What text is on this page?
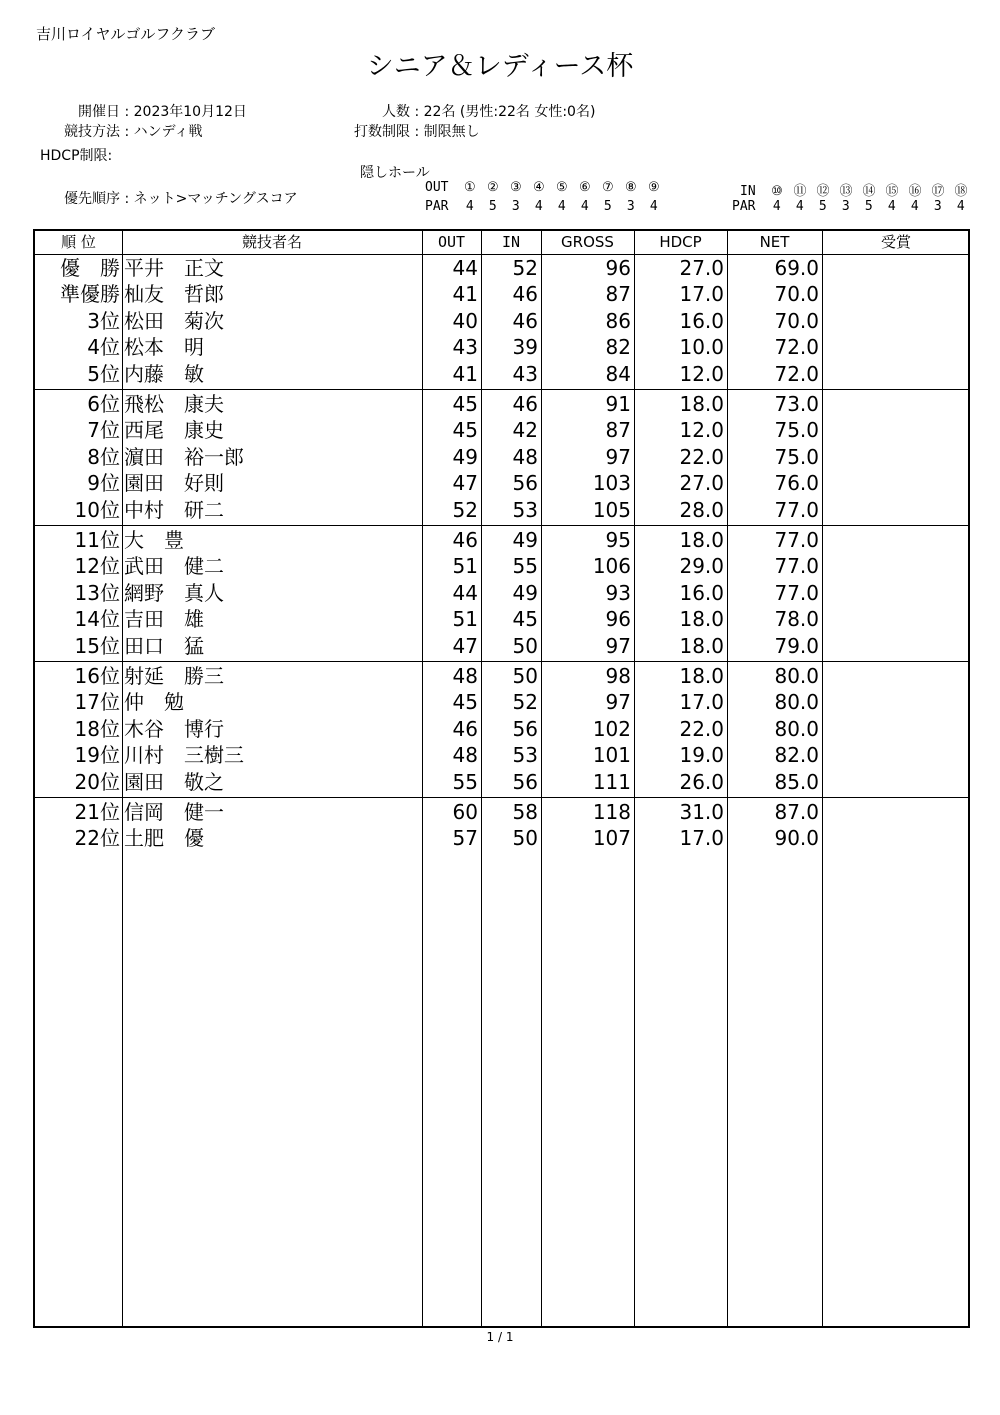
吉川ロイヤルゴルフクラブ
シニア＆レディース杯
開催日 : 2023年10月12日
競技方法 : ハンディ戦
HDCP制限:
優先順序 : ネット>マッチングスコア
人数 : 22名 (男性:22名 女性:0名)
打数制限 : 制限無し
隠しホール
OUT ① ② ③ ④ ⑤ ⑥ ⑦ ⑧ ⑨
PAR 4 5 3 4 4 4 5 3 4
IN ⑩ ⑪ ⑫ ⑬ ⑭ ⑮ ⑯ ⑰ ⑱
PAR 4 4 5 3 5 4 4 3 4
順 位	競技者名	OUT	IN	GROSS	HDCP	NET	受賞
優　勝 平井　正文	44	52	96	27.0	69.0
準優勝 杣友　哲郎	41	46	87	17.0	70.0
3位 松田　菊次	40	46	86	16.0	70.0
4位 松本　明	43	39	82	10.0	72.0
5位 内藤　敏	41	43	84	12.0	72.0
6位 飛松　康夫	45	46	91	18.0	73.0
7位 西尾　康史	45	42	87	12.0	75.0
8位 濵田　裕一郎	49	48	97	22.0	75.0
9位 園田　好則	47	56	103	27.0	76.0
10位 中村　研二	52	53	105	28.0	77.0
11位 大　豊	46	49	95	18.0	77.0
12位 武田　健二	51	55	106	29.0	77.0
13位 網野　真人	44	49	93	16.0	77.0
14位 吉田　雄	51	45	96	18.0	78.0
15位 田口　猛	47	50	97	18.0	79.0
16位 射延　勝三	48	50	98	18.0	80.0
17位 仲　勉	45	52	97	17.0	80.0
18位 木谷　博行	46	56	102	22.0	80.0
19位 川村　三樹三	48	53	101	19.0	82.0
20位 園田　敬之	55	56	111	26.0	85.0
21位 信岡　健一	60	58	118	31.0	87.0
22位 土肥　優	57	50	107	17.0	90.0
1 / 1
